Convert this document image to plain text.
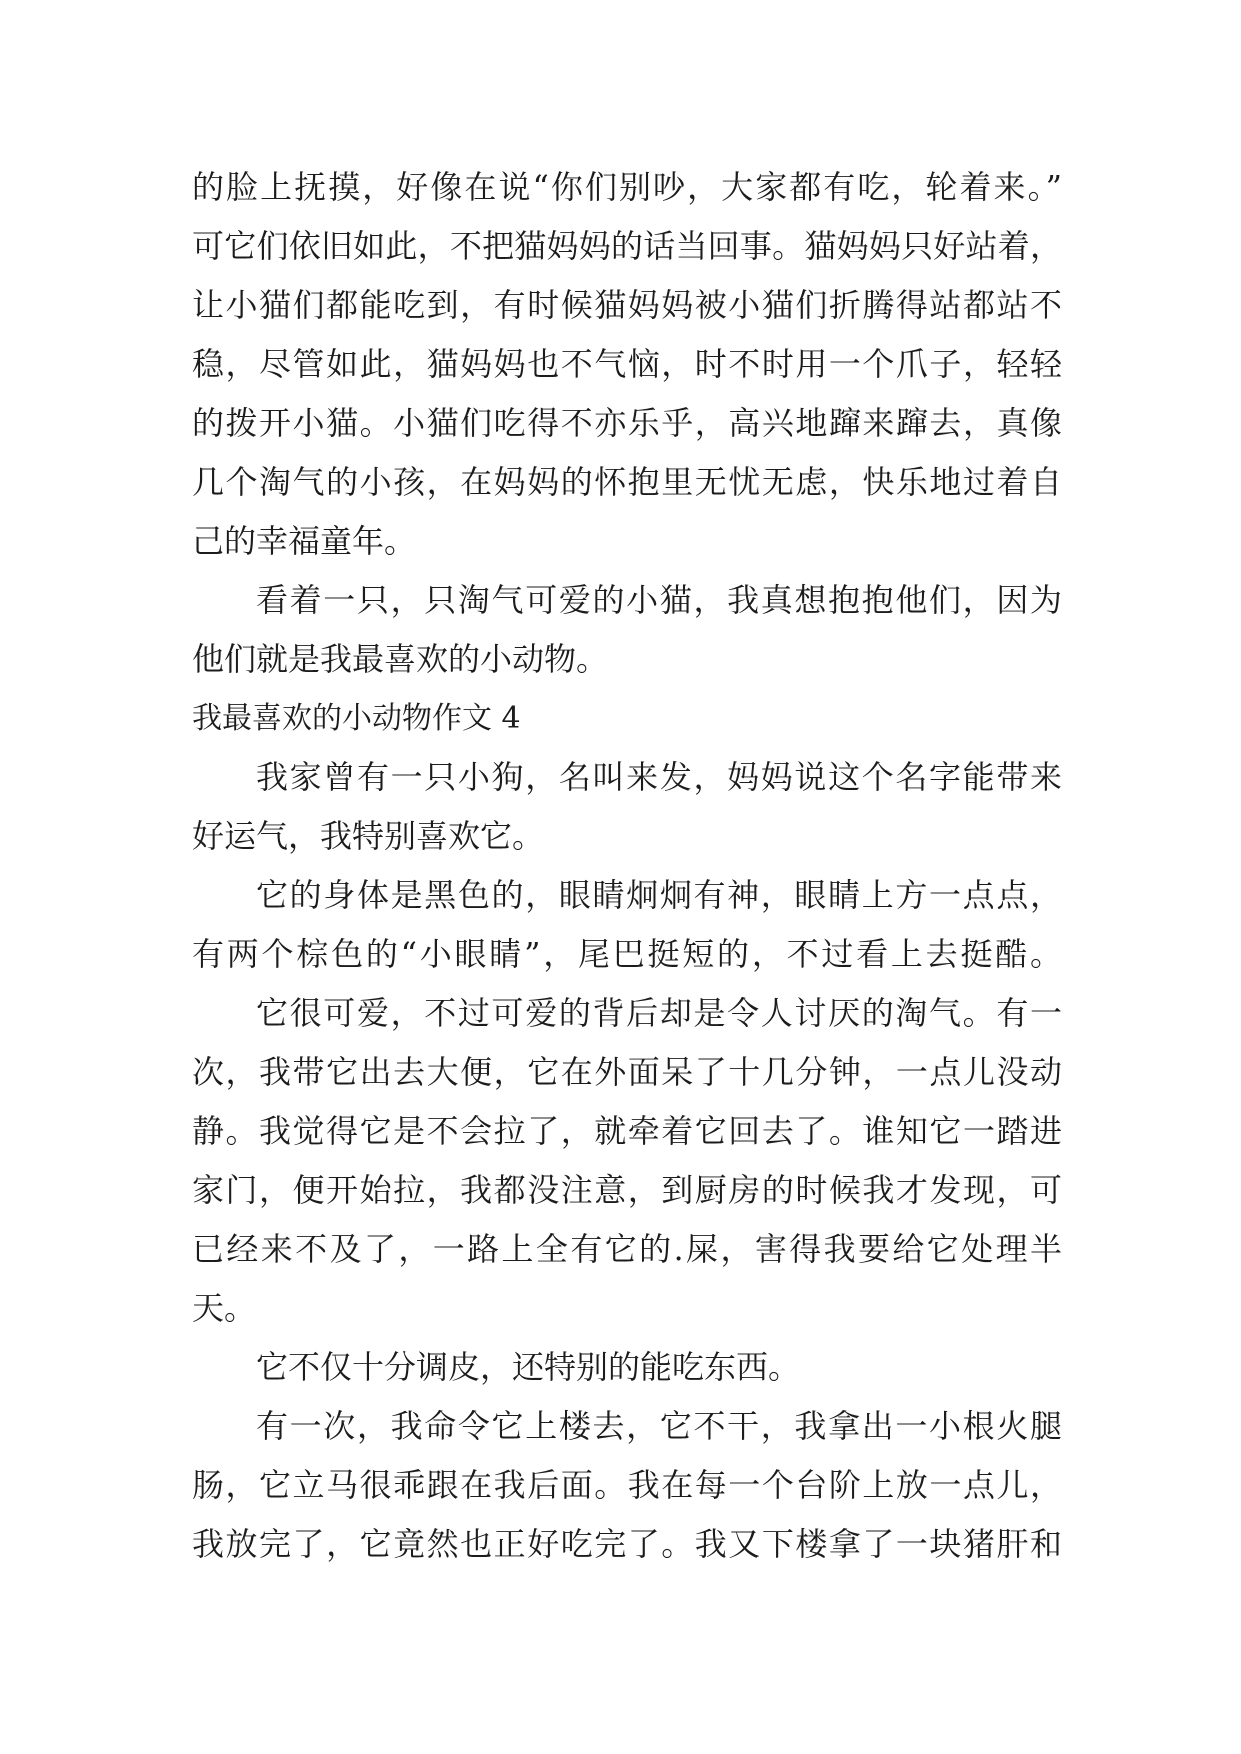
的脸上抚摸，好像在说“你们别吵，大家都有吃，轮着来。”
可它们依旧如此，不把猫妈妈的话当回事。猫妈妈只好站着，
让小猫们都能吃到，有时候猫妈妈被小猫们折腾得站都站不
稳，尽管如此，猫妈妈也不气恼，时不时用一个爪子，轻轻
的拨开小猫。小猫们吃得不亦乐乎，高兴地蹿来蹿去，真像
几个淘气的小孩，在妈妈的怀抱里无忧无虑，快乐地过着自
己的幸福童年。
看着一只，只淘气可爱的小猫，我真想抱抱他们，因为
他们就是我最喜欢的小动物。
我最喜欢的小动物作文 4
我家曾有一只小狗，名叫来发，妈妈说这个名字能带来
好运气，我特别喜欢它。
它的身体是黑色的，眼睛炯炯有神，眼睛上方一点点，
有两个棕色的“小眼睛”，尾巴挺短的，不过看上去挺酷。
它很可爱，不过可爱的背后却是令人讨厌的淘气。有一
次，我带它出去大便，它在外面呆了十几分钟，一点儿没动
静。我觉得它是不会拉了，就牵着它回去了。谁知它一踏进
家门，便开始拉，我都没注意，到厨房的时候我才发现，可
已经来不及了，一路上全有它的.屎，害得我要给它处理半
天。
它不仅十分调皮，还特别的能吃东西。
有一次，我命令它上楼去，它不干，我拿出一小根火腿
肠，它立马很乖跟在我后面。我在每一个台阶上放一点儿，
我放完了，它竟然也正好吃完了。我又下楼拿了一块猪肝和
